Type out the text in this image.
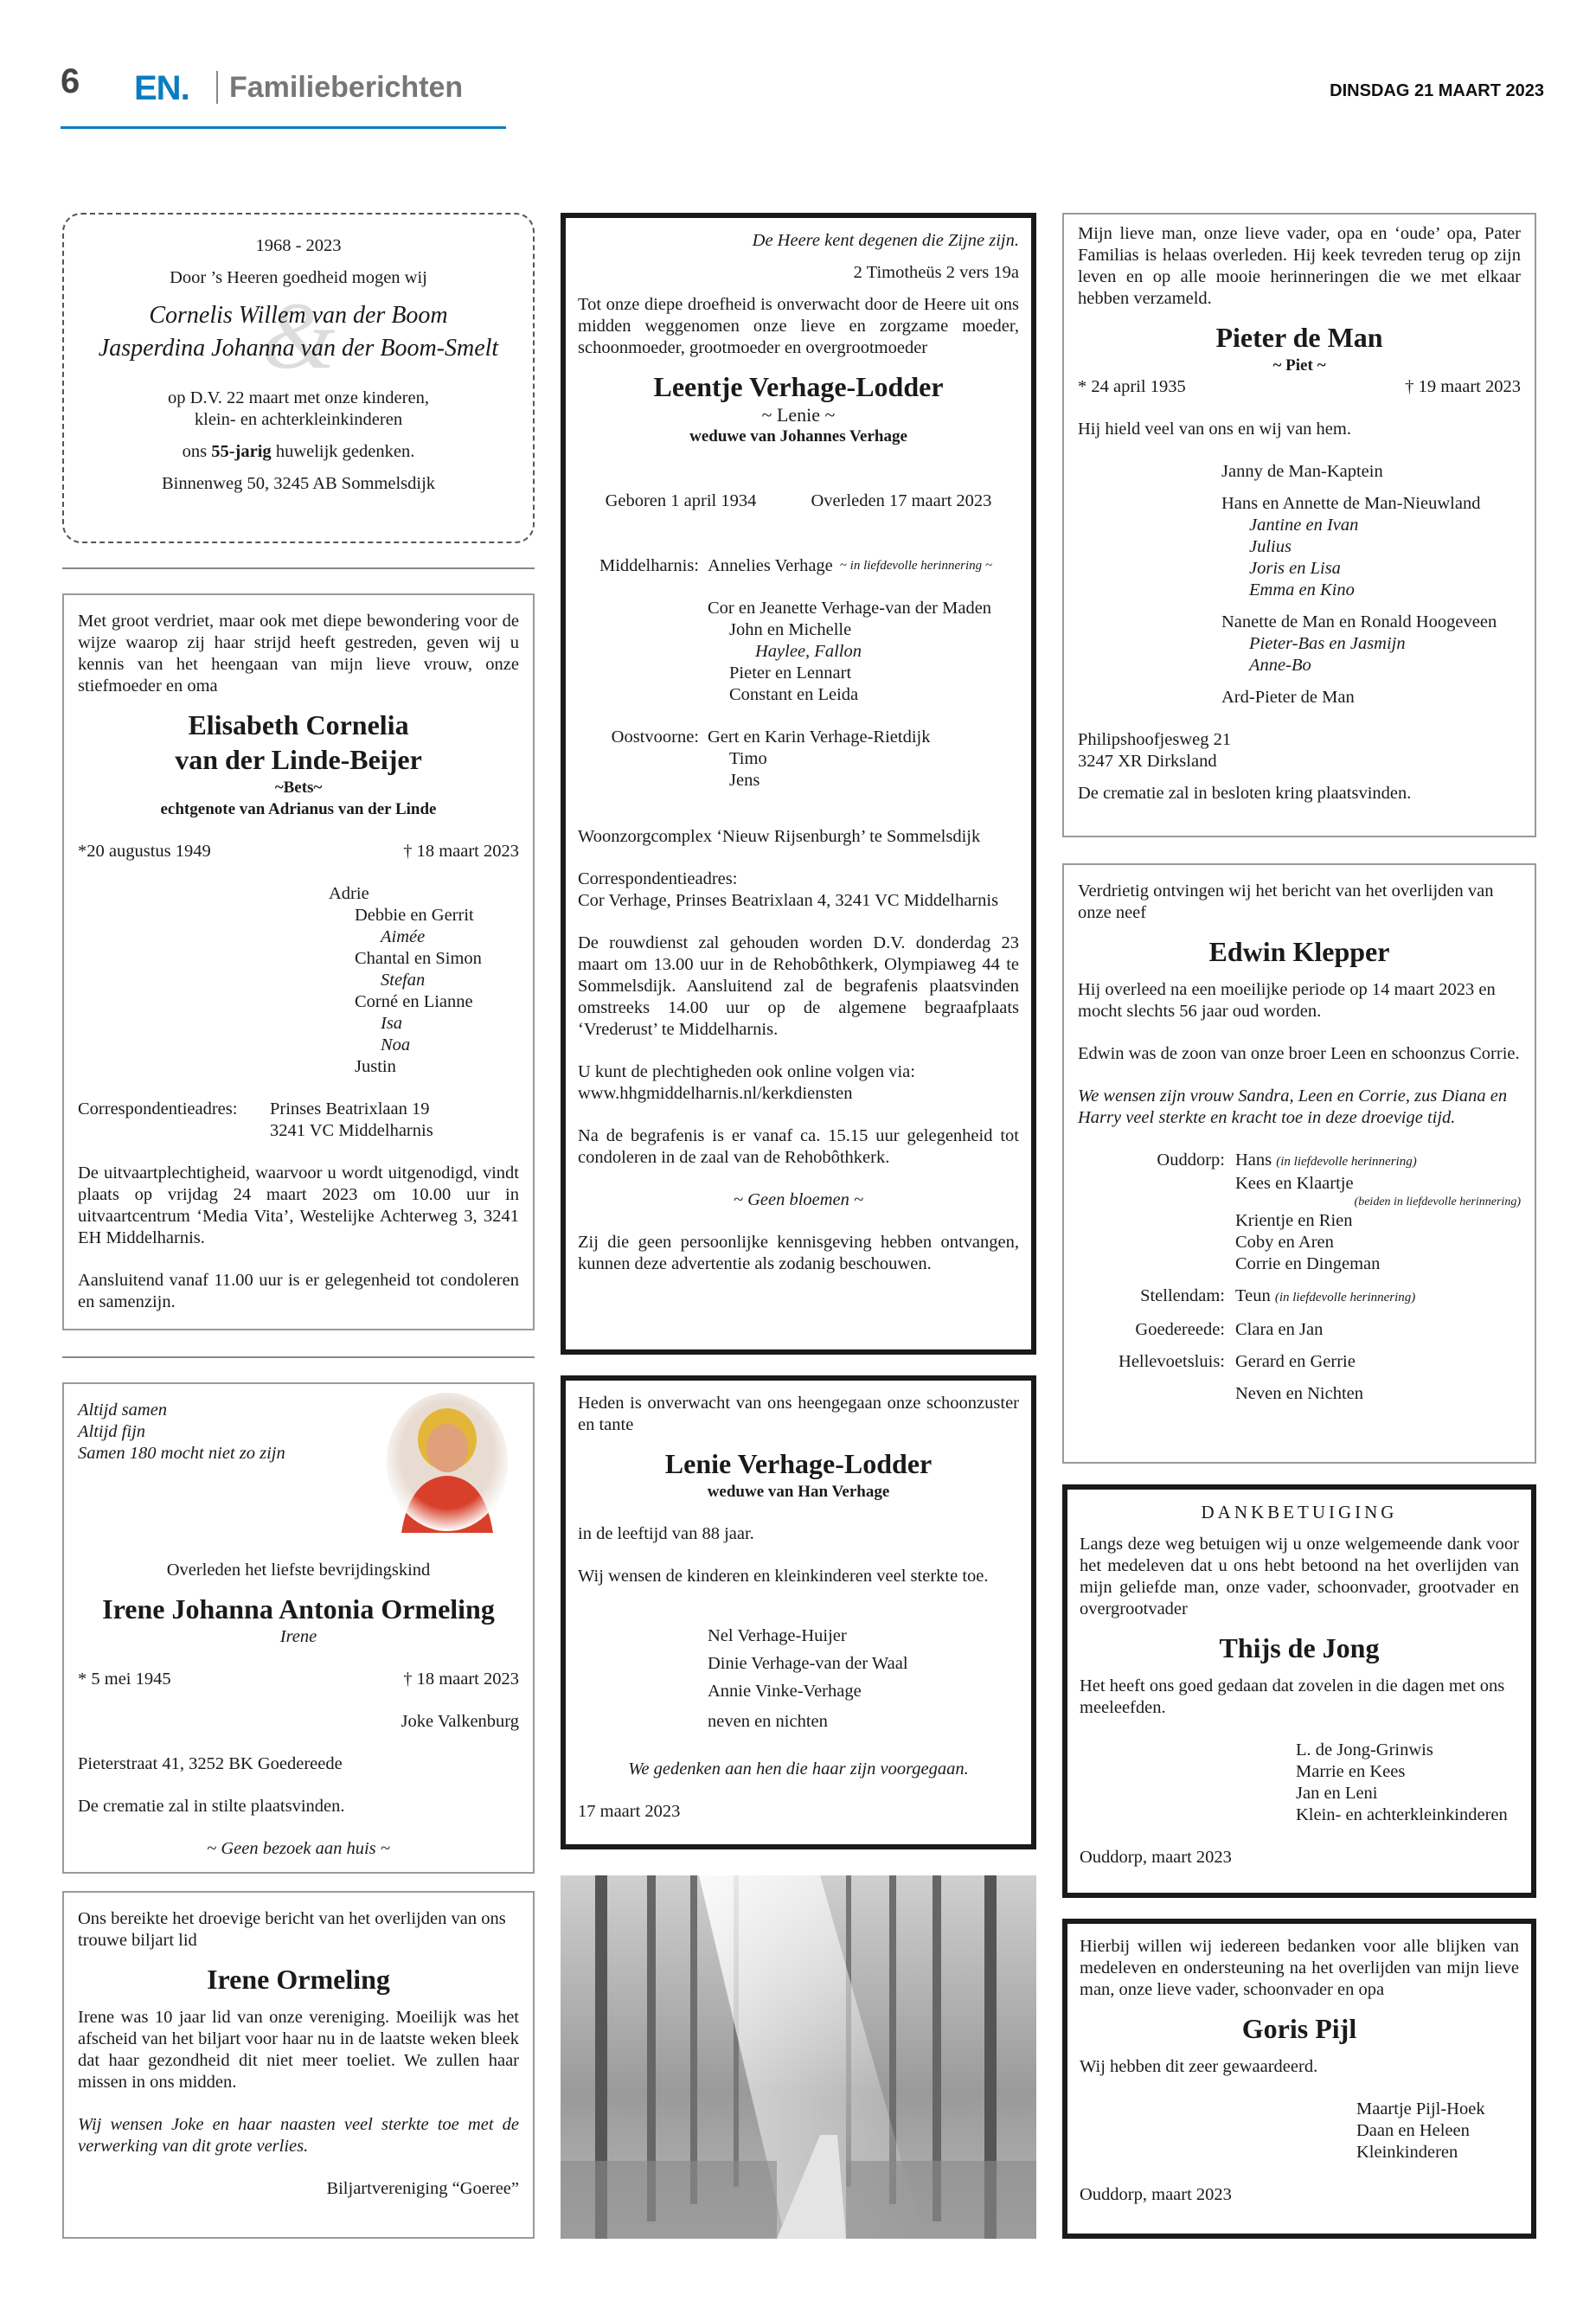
6 EN. Familieberichten	DINSDAG 21 MAART 2023

1968 - 2023

Door ’s Heeren goedheid mogen wij

&

Cornelis Willem van der Boom

Jasperdina Johanna van der Boom-Smelt

op D.V. 22 maart met onze kinderen,

klein- en achterkleinkinderen

ons 55-jarig huwelijk gedenken.

Binnenweg 50, 3245 AB Sommelsdijk

Met groot verdriet, maar ook met diepe bewondering voor de wijze waarop zij haar strijd heeft gestreden, geven wij u kennis van het heengaan van mijn lieve vrouw, onze stiefmoeder en oma

Elisabeth Cornelia

van der Linde-Beijer

~Bets~

echtgenote van Adrianus van der Linde

*20 augustus 1949	† 18 maart 2023

Adrie

Debbie en Gerrit

Aimée

Chantal en Simon

Stefan

Corné en Lianne

Isa

Noa

Justin

Correspondentieadres:	Prinses Beatrixlaan 19

3241 VC Middelharnis

De uitvaartplechtigheid, waarvoor u wordt uitgenodigd, vindt plaats op vrijdag 24 maart 2023 om 10.00 uur in uitvaartcentrum ‘Media Vita’, Westelijke Achterweg 3, 3241 EH Middelharnis.

Aansluitend vanaf 11.00 uur is er gelegenheid tot condoleren en samenzijn.

Altijd samen

Altijd fijn

Samen 180 mocht niet zo zijn

Overleden het liefste bevrijdingskind

Irene Johanna Antonia Ormeling

Irene

* 5 mei 1945	† 18 maart 2023

Joke Valkenburg

Pieterstraat 41, 3252 BK Goedereede

De crematie zal in stilte plaatsvinden.

~ Geen bezoek aan huis ~

Ons bereikte het droevige bericht van het overlijden van ons trouwe biljart lid

Irene Ormeling

Irene was 10 jaar lid van onze vereniging. Moeilijk was het afscheid van het biljart voor haar nu in de laatste weken bleek dat haar gezondheid dit niet meer toeliet. We zullen haar missen in ons midden.

Wij wensen Joke en haar naasten veel sterkte toe met de verwerking van dit grote verlies.

Biljartvereniging “Goeree”

De Heere kent degenen die Zijne zijn.

2 Timotheüs 2 vers 19a

Tot onze diepe droefheid is onverwacht door de Heere uit ons midden weggenomen onze lieve en zorgzame moeder, schoonmoeder, grootmoeder en overgrootmoeder

Leentje Verhage-Lodder

~ Lenie ~

weduwe van Johannes Verhage

Geboren 1 april 1934	Overleden 17 maart 2023
Middelharnis: Annelies Verhage ~ in liefdevolle herinnering ~

Cor en Jeanette Verhage-van der Maden

John en Michelle

Haylee, Fallon

Pieter en Lennart

Constant en Leida

Oostvoorne: Gert en Karin Verhage-Rietdijk

Timo

Jens

Woonzorgcomplex ‘Nieuw Rijsenburgh’ te Sommelsdijk

Correspondentieadres:

Cor Verhage, Prinses Beatrixlaan 4, 3241 VC Middelharnis

De rouwdienst zal gehouden worden D.V. donderdag 23 maart om 13.00 uur in de Rehobôthkerk, Olympiaweg 44 te Sommelsdijk. Aansluitend zal de begrafenis plaatsvinden omstreeks 14.00 uur op de algemene begraafplaats ‘Vrederust’ te Middelharnis.

U kunt de plechtigheden ook online volgen via:

www.hhgmiddelharnis.nl/kerkdiensten

Na de begrafenis is er vanaf ca. 15.15 uur gelegenheid tot condoleren in de zaal van de Rehobôthkerk.

~ Geen bloemen ~

Zij die geen persoonlijke kennisgeving hebben ontvangen, kunnen deze advertentie als zodanig beschouwen.

Heden is onverwacht van ons heengegaan onze schoonzuster en tante

Lenie Verhage-Lodder

weduwe van Han Verhage

in de leeftijd van 88 jaar.

Wij wensen de kinderen en kleinkinderen veel sterkte toe.

Nel Verhage-Huijer

Dinie Verhage-van der Waal

Annie Vinke-Verhage

neven en nichten

We gedenken aan hen die haar zijn voorgegaan.

17 maart 2023

Mijn lieve man, onze lieve vader, opa en ‘oude’ opa, Pater Familias is helaas overleden. Hij keek tevreden terug op zijn leven en op alle mooie herinneringen die we met elkaar hebben verzameld.

Pieter de Man

~ Piet ~

* 24 april 1935	† 19 maart 2023

Hij hield veel van ons en wij van hem.

Janny de Man-Kaptein

Hans en Annette de Man-Nieuwland

Jantine en Ivan

Julius

Joris en Lisa

Emma en Kino

Nanette de Man en Ronald Hoogeveen

Pieter-Bas en Jasmijn

Anne-Bo

Ard-Pieter de Man

Philipshoofjesweg 21

3247 XR Dirksland

De crematie zal in besloten kring plaatsvinden.

Verdrietig ontvingen wij het bericht van het overlijden van onze neef

Edwin Klepper

Hij overleed na een moeilijke periode op 14 maart 2023 en mocht slechts 56 jaar oud worden.

Edwin was de zoon van onze broer Leen en schoonzus Corrie.

We wensen zijn vrouw Sandra, Leen en Corrie, zus Diana en Harry veel sterkte en kracht toe in deze droevige tijd.

Ouddorp: Hans (in liefdevolle herinnering)

Kees en Klaartje

(beiden in liefdevolle herinnering)

Krientje en Rien

Coby en Aren

Corrie en Dingeman

Stellendam: Teun (in liefdevolle herinnering)

Goedereede: Clara en Jan

Hellevoetsluis: Gerard en Gerrie

Neven en Nichten

DANKBETUIGING

Langs deze weg betuigen wij u onze welgemeende dank voor het medeleven dat u ons hebt betoond na het overlijden van mijn geliefde man, onze vader, schoonvader, grootvader en overgrootvader

Thijs de Jong

Het heeft ons goed gedaan dat zovelen in die dagen met ons meeleefden.

L. de Jong-Grinwis

Marrie en Kees

Jan en Leni

Klein- en achterkleinkinderen

Ouddorp, maart 2023

Hierbij willen wij iedereen bedanken voor alle blijken van medeleven en ondersteuning na het overlijden van mijn lieve man, onze lieve vader, schoonvader en opa

Goris Pijl

Wij hebben dit zeer gewaardeerd.

Maartje Pijl-Hoek

Daan en Heleen

Kleinkinderen

Ouddorp, maart 2023
